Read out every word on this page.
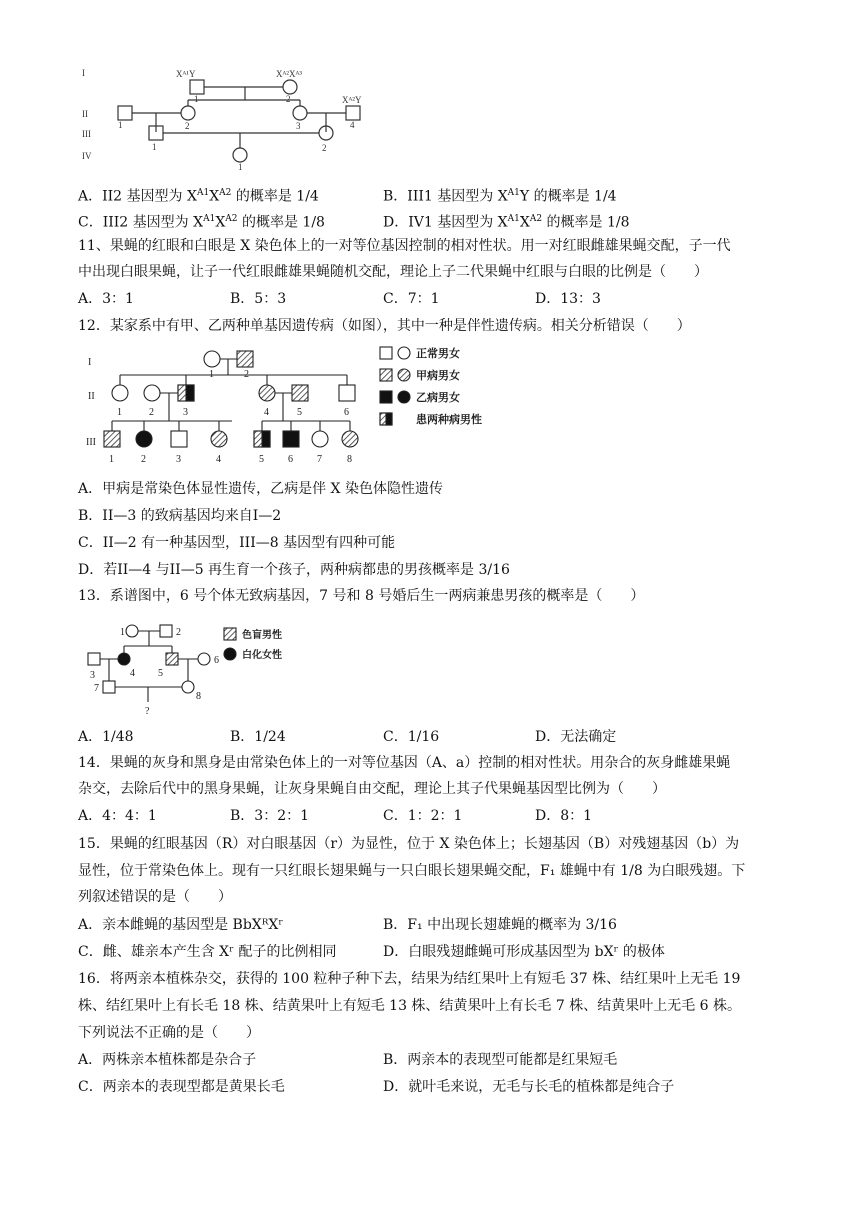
I
II
III
IV
Xᴬ¹Y	Xᴬ²Xᴬ³
Xᴬ²Y
1	2
1	2	3	4
1	2
1
A．II2 基因型为 $X^{A1}X^{A2}$ 的概率是 1/4	B．III1 基因型为 $X^{A1}Y$ 的概率是 1/4
C．III2 基因型为 $X^{A1}X^{A2}$ 的概率是 1/8	D．IV1 基因型为 $X^{A1}X^{A2}$ 的概率是 1/8
11、果蝇的红眼和白眼是 X 染色体上的一对等位基因控制的相对性状。用一对红眼雌雄果蝇交配，子一代
中出现白眼果蝇，让子一代红眼雌雄果蝇随机交配，理论上子二代果蝇中红眼与白眼的比例是（　　）
A．3：1	B．5：3	C．7：1	D．13：3
12．某家系中有甲、乙两种单基因遗传病（如图），其中一种是伴性遗传病。相关分析错误（　　）
I
II
III
1	2
1	2	3	4	5	6
1	2	3	4	5 6 7	8
正常男女
甲病男女
乙病男女
患两种病男性
A．甲病是常染色体显性遗传，乙病是伴 X 染色体隐性遗传
B．II—3 的致病基因均来自I—2
C．II—2 有一种基因型，III—8 基因型有四种可能
D．若II—4 与II—5 再生育一个孩子，两种病都患的男孩概率是 3/16
13．系谱图中，6 号个体无致病基因，7 号和 8 号婚后生一两病兼患男孩的概率是（　　）
1	2
3	4 5
6
7
8
?
色盲男性
白化女性
A．1/48	B．1/24	C．1/16	D．无法确定
14．果蝇的灰身和黑身是由常染色体上的一对等位基因（A、a）控制的相对性状。用杂合的灰身雌雄果蝇
杂交，去除后代中的黑身果蝇，让灰身果蝇自由交配，理论上其子代果蝇基因型比例为（　　）
A．4：4：1	B．3：2：1	C．1：2：1	D．8：1
15．果蝇的红眼基因（R）对白眼基因（r）为显性，位于 X 染色体上；长翅基因（B）对残翅基因（b）为
显性，位于常染色体上。现有一只红眼长翅果蝇与一只白眼长翅果蝇交配，F₁ 雄蝇中有 1/8 为白眼残翅。下
列叙述错误的是（　　）
A．亲本雌蝇的基因型是 BbXᴿXʳ	B．F₁ 中出现长翅雄蝇的概率为 3/16
C．雌、雄亲本产生含 Xʳ 配子的比例相同	D．白眼残翅雌蝇可形成基因型为 bXʳ 的极体
16．将两亲本植株杂交，获得的 100 粒种子种下去，结果为结红果叶上有短毛 37 株、结红果叶上无毛 19
株、结红果叶上有长毛 18 株、结黄果叶上有短毛 13 株、结黄果叶上有长毛 7 株、结黄果叶上无毛 6 株。
下列说法不正确的是（　　）
A．两株亲本植株都是杂合子	B．两亲本的表现型可能都是红果短毛
C．两亲本的表现型都是黄果长毛	D．就叶毛来说，无毛与长毛的植株都是纯合子
